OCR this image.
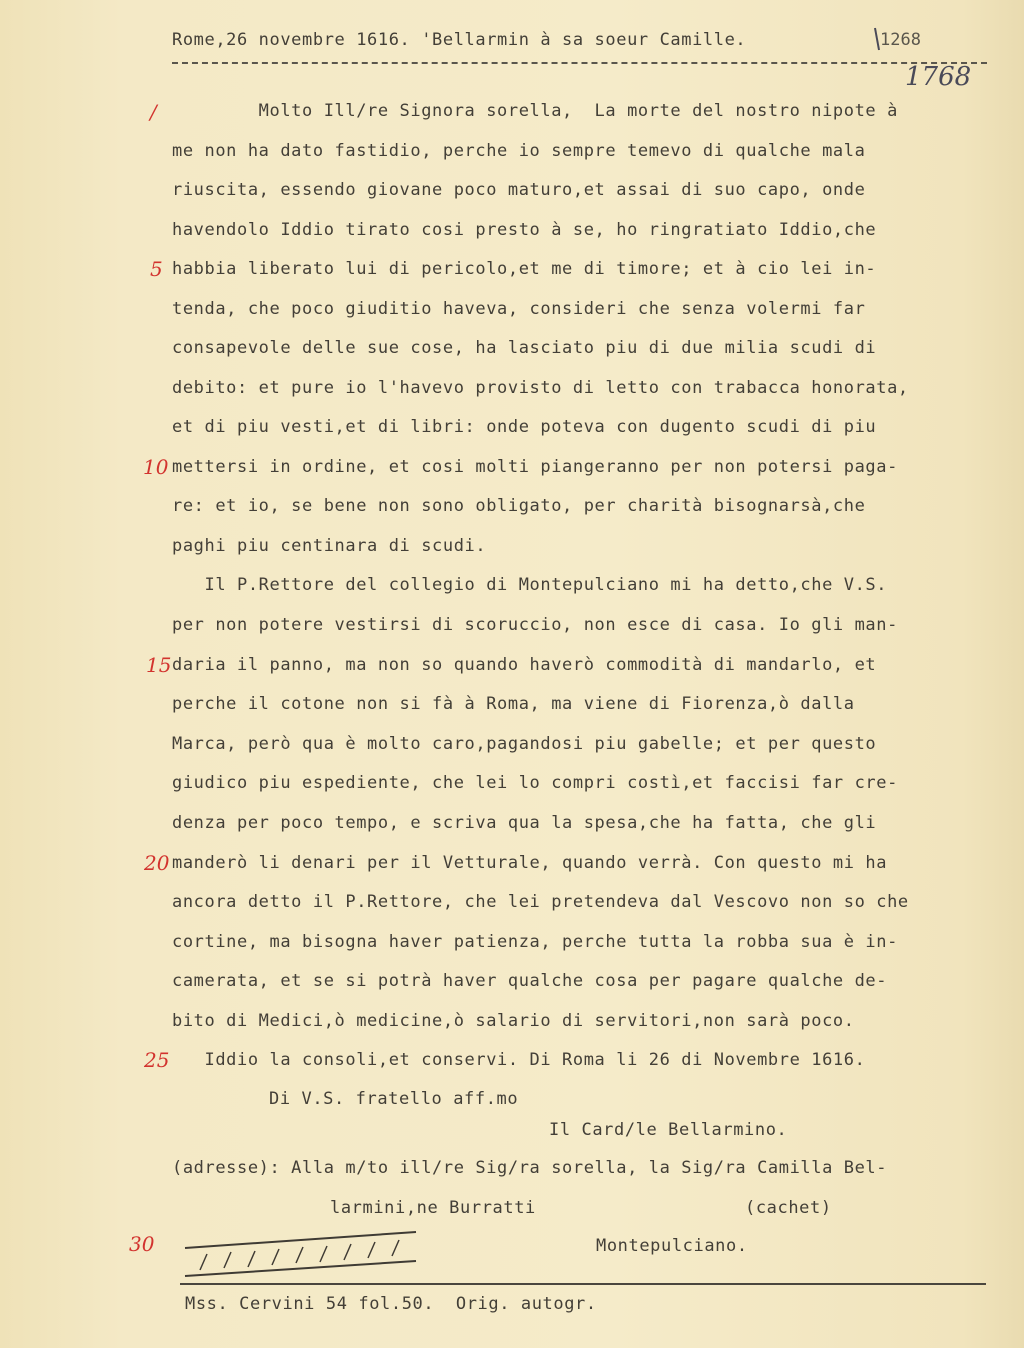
Rome,26 novembre 1616. 'Bellarmin à sa soeur Camille.	1268
1768
Molto Ill/re Signora sorella,  La morte del nostro nipote à
me non ha dato fastidio, perche io sempre temevo di qualche mala
riuscita, essendo giovane poco maturo,et assai di suo capo, onde
havendolo Iddio tirato cosi presto à se, ho ringratiato Iddio,che
habbia liberato lui di pericolo,et me di timore; et à cio lei in-
tenda, che poco giuditio haveva, consideri che senza volermi far
consapevole delle sue cose, ha lasciato piu di due milia scudi di
debito: et pure io l'havevo provisto di letto con trabacca honorata,
et di piu vesti,et di libri: onde poteva con dugento scudi di piu
mettersi in ordine, et cosi molti piangeranno per non potersi paga-
re: et io, se bene non sono obligato, per charità bisognarsà,che
paghi piu centinara di scudi.
Il P.Rettore del collegio di Montepulciano mi ha detto,che V.S.
per non potere vestirsi di scoruccio, non esce di casa. Io gli man-
daria il panno, ma non so quando haverò commodità di mandarlo, et
perche il cotone non si fà à Roma, ma viene di Fiorenza,ò dalla
Marca, però qua è molto caro,pagandosi piu gabelle; et per questo
giudico piu espediente, che lei lo compri costì,et faccisi far cre-
denza per poco tempo, e scriva qua la spesa,che ha fatta, che gli
manderò li denari per il Vetturale, quando verrà. Con questo mi ha
ancora detto il P.Rettore, che lei pretendeva dal Vescovo non so che
cortine, ma bisogna haver patienza, perche tutta la robba sua è in-
camerata, et se si potrà haver qualche cosa per pagare qualche de-
bito di Medici,ò medicine,ò salario di servitori,non sarà poco.
Iddio la consoli,et conservi. Di Roma li 26 di Novembre 1616.
Di V.S. fratello aff.mo
Il Card/le Bellarmino.
(adresse): Alla m/to ill/re Sig/ra sorella, la Sig/ra Camilla Bel-
larmini,ne Burratti	(cachet)
Montepulciano.
/
5
10
15
20
25
30
Mss. Cervini 54 fol.50.  Orig. autogr.
